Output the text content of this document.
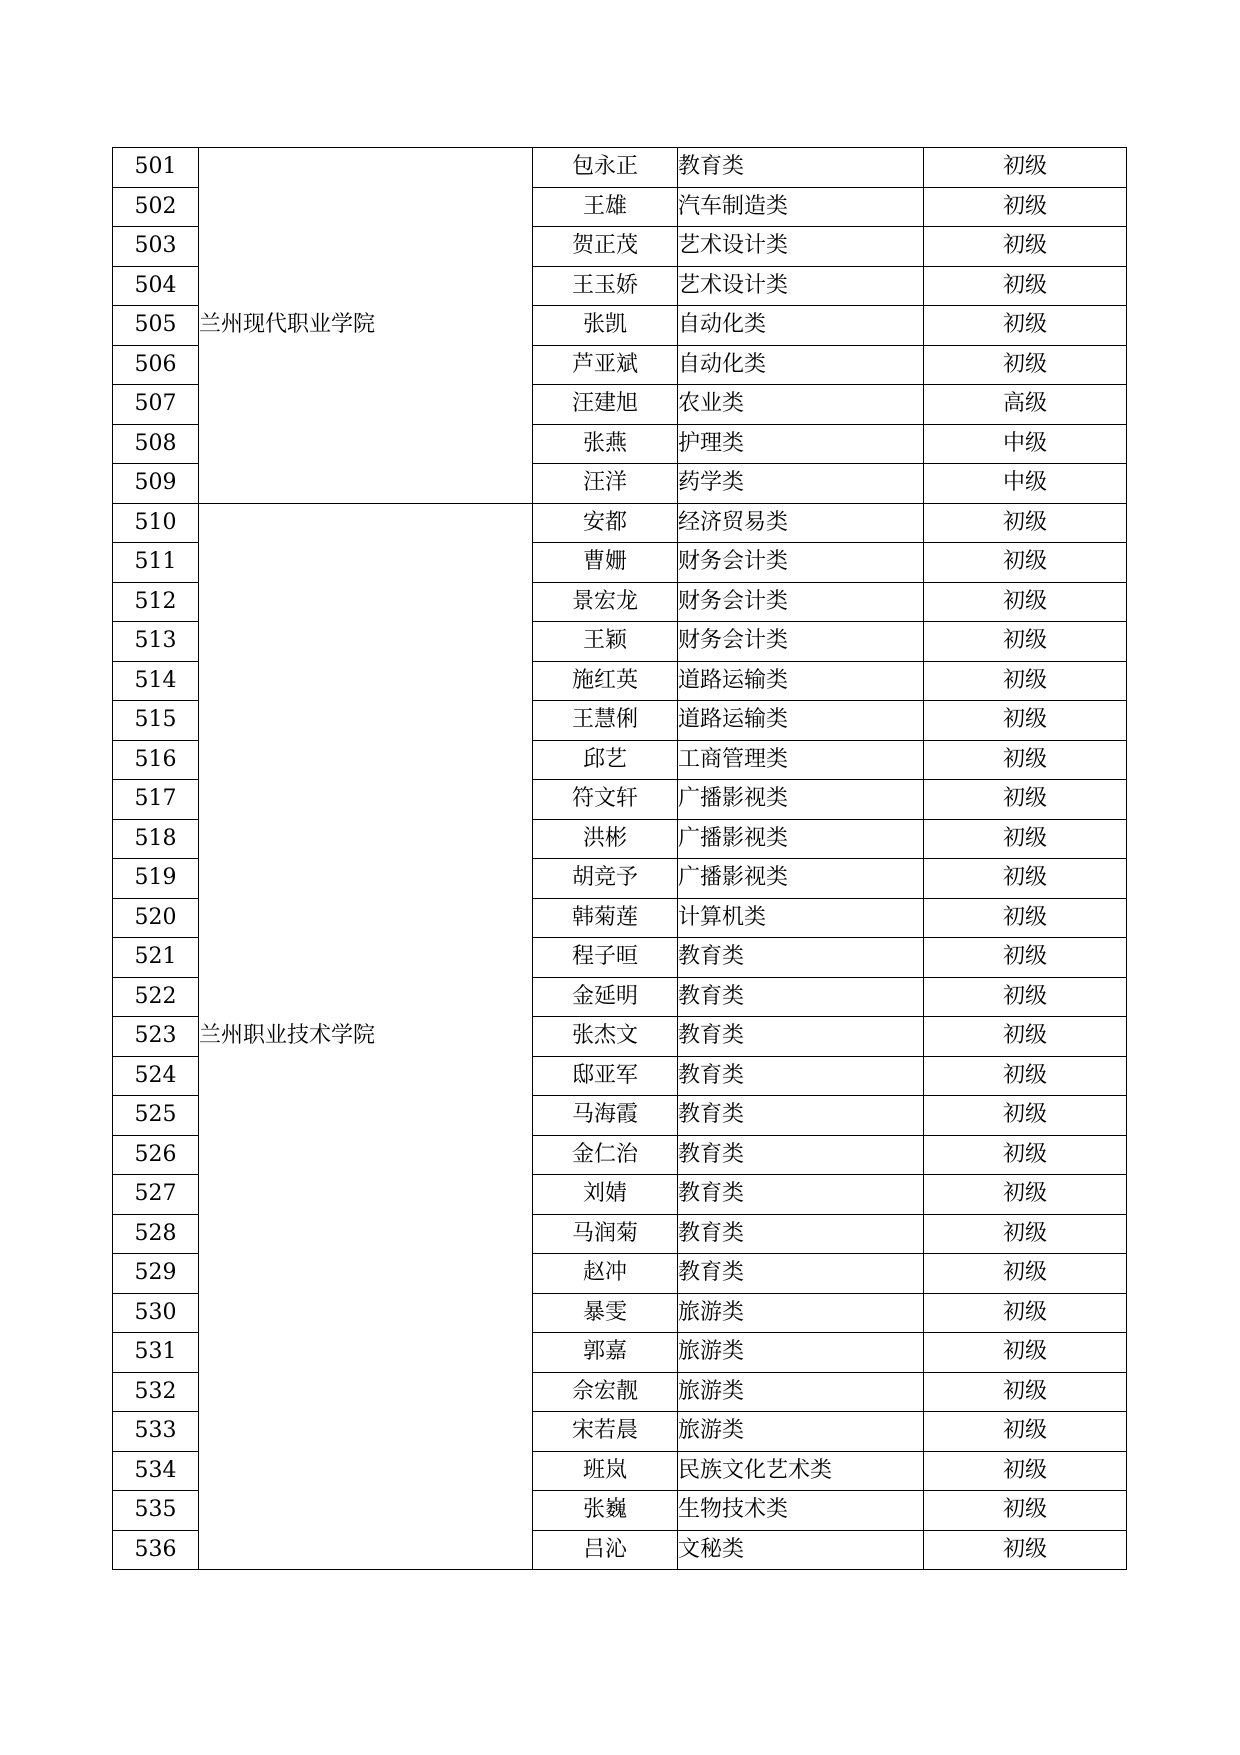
501	兰州现代职业学院	包永正	教育类	初级
502		王雄	汽车制造类	初级
503		贺正茂	艺术设计类	初级
504		王玉娇	艺术设计类	初级
505		张凯	自动化类	初级
506		芦亚斌	自动化类	初级
507		汪建旭	农业类	高级
508		张燕	护理类	中级
509		汪洋	药学类	中级
510	兰州职业技术学院	安都	经济贸易类	初级
511		曹姗	财务会计类	初级
512		景宏龙	财务会计类	初级
513		王颖	财务会计类	初级
514		施红英	道路运输类	初级
515		王慧俐	道路运输类	初级
516		邱艺	工商管理类	初级
517		符文轩	广播影视类	初级
518		洪彬	广播影视类	初级
519		胡竞予	广播影视类	初级
520		韩菊莲	计算机类	初级
521		程子晅	教育类	初级
522		金延明	教育类	初级
523		张杰文	教育类	初级
524		邸亚军	教育类	初级
525		马海霞	教育类	初级
526		金仁治	教育类	初级
527		刘婧	教育类	初级
528		马润菊	教育类	初级
529		赵冲	教育类	初级
530		暴雯	旅游类	初级
531		郭嘉	旅游类	初级
532		佘宏靓	旅游类	初级
533		宋若晨	旅游类	初级
534		班岚	民族文化艺术类	初级
535		张巍	生物技术类	初级
536		吕沁	文秘类	初级
